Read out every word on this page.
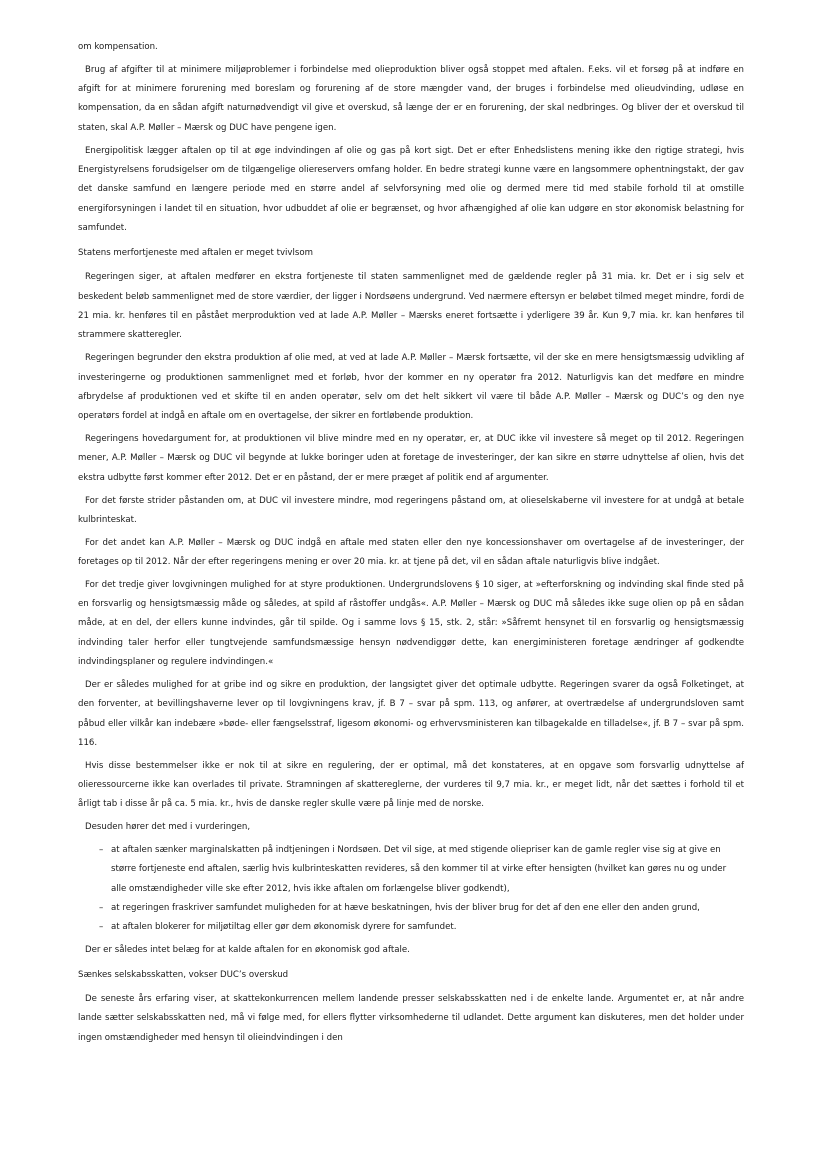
om kompensation.

Brug af afgifter til at minimere miljøproblemer i forbindelse med olieproduktion bliver også stoppet med aftalen. F.eks. vil et forsøg på at indføre en afgift for at minimere forurening med boreslam og forurening af de store mængder vand, der bruges i forbindelse med olieudvinding, udløse en kompensation, da en sådan afgift naturnødvendigt vil give et overskud, så længe der er en forurening, der skal nedbringes. Og bliver der et overskud til staten, skal A.P. Møller – Mærsk og DUC have pengene igen.

Energipolitisk lægger aftalen op til at øge indvindingen af olie og gas på kort sigt. Det er efter Enhedslistens mening ikke den rigtige strategi, hvis Energistyrelsens forudsigelser om de tilgængelige oliereservers omfang holder. En bedre strategi kunne være en langsommere ophentningstakt, der gav det danske samfund en længere periode med en større andel af selvforsyning med olie og dermed mere tid med stabile forhold til at omstille energiforsyningen i landet til en situation, hvor udbuddet af olie er begrænset, og hvor afhængighed af olie kan udgøre en stor økonomisk belastning for samfundet.

Statens merfortjeneste med aftalen er meget tvivlsom

Regeringen siger, at aftalen medfører en ekstra fortjeneste til staten sammenlignet med de gældende regler på 31 mia. kr. Det er i sig selv et beskedent beløb sammenlignet med de store værdier, der ligger i Nordsøens undergrund. Ved nærmere eftersyn er beløbet tilmed meget mindre, fordi de 21 mia. kr. henføres til en påstået merproduktion ved at lade A.P. Møller – Mærsks eneret fortsætte i yderligere 39 år. Kun 9,7 mia. kr. kan henføres til strammere skatteregler.

Regeringen begrunder den ekstra produktion af olie med, at ved at lade A.P. Møller – Mærsk fortsætte, vil der ske en mere hensigtsmæssig udvikling af investeringerne og produktionen sammenlignet med et forløb, hvor der kommer en ny operatør fra 2012. Naturligvis kan det medføre en mindre afbrydelse af produktionen ved et skifte til en anden operatør, selv om det helt sikkert vil være til både A.P. Møller – Mærsk og DUC’s og den nye operatørs fordel at indgå en aftale om en overtagelse, der sikrer en fortløbende produktion.

Regeringens hovedargument for, at produktionen vil blive mindre med en ny operatør, er, at DUC ikke vil investere så meget op til 2012. Regeringen mener, A.P. Møller – Mærsk og DUC vil begynde at lukke boringer uden at foretage de investeringer, der kan sikre en større udnyttelse af olien, hvis det ekstra udbytte først kommer efter 2012. Det er en påstand, der er mere præget af politik end af argumenter.

For det første strider påstanden om, at DUC vil investere mindre, mod regeringens påstand om, at olieselskaberne vil investere for at undgå at betale kulbrinteskat.

For det andet kan A.P. Møller – Mærsk og DUC indgå en aftale med staten eller den nye koncessionshaver om overtagelse af de investeringer, der foretages op til 2012. Når der efter regeringens mening er over 20 mia. kr. at tjene på det, vil en sådan aftale naturligvis blive indgået.

For det tredje giver lovgivningen mulighed for at styre produktionen. Undergrundslovens § 10 siger, at »efterforskning og indvinding skal finde sted på en forsvarlig og hensigtsmæssig måde og således, at spild af råstoffer undgås«. A.P. Møller – Mærsk og DUC må således ikke suge olien op på en sådan måde, at en del, der ellers kunne indvindes, går til spilde. Og i samme lovs § 15, stk. 2, står: »Såfremt hensynet til en forsvarlig og hensigtsmæssig indvinding taler herfor eller tungtvejende samfundsmæssige hensyn nødvendiggør dette, kan energiministeren foretage ændringer af godkendte indvindingsplaner og regulere indvindingen.«

Der er således mulighed for at gribe ind og sikre en produktion, der langsigtet giver det optimale udbytte. Regeringen svarer da også Folketinget, at den forventer, at bevillingshaverne lever op til lovgivningens krav, jf. B 7 – svar på spm. 113, og anfører, at overtrædelse af undergrundsloven samt påbud eller vilkår kan indebære »bøde- eller fængselsstraf, ligesom økonomi- og erhvervsministeren kan tilbagekalde en tilladelse«, jf. B 7 – svar på spm. 116.

Hvis disse bestemmelser ikke er nok til at sikre en regulering, der er optimal, må det konstateres, at en opgave som forsvarlig udnyttelse af olieressourcerne ikke kan overlades til private. Stramningen af skattereglerne, der vurderes til 9,7 mia. kr., er meget lidt, når det sættes i forhold til et årligt tab i disse år på ca. 5 mia. kr., hvis de danske regler skulle være på linje med de norske.

Desuden hører det med i vurderingen,

– at aftalen sænker marginalskatten på indtjeningen i Nordsøen. Det vil sige, at med stigende oliepriser kan de gamle regler vise sig at give en større fortjeneste end aftalen, særlig hvis kulbrinteskatten revideres, så den kommer til at virke efter hensigten (hvilket kan gøres nu og under alle omstændigheder ville ske efter 2012, hvis ikke aftalen om forlængelse bliver godkendt),
– at regeringen fraskriver samfundet muligheden for at hæve beskatningen, hvis der bliver brug for det af den ene eller den anden grund,
– at aftalen blokerer for miljøtiltag eller gør dem økonomisk dyrere for samfundet.

Der er således intet belæg for at kalde aftalen for en økonomisk god aftale.

Sænkes selskabsskatten, vokser DUC’s overskud

De seneste års erfaring viser, at skattekonkurrencen mellem landende presser selskabsskatten ned i de enkelte lande. Argumentet er, at når andre lande sætter selskabsskatten ned, må vi følge med, for ellers flytter virksomhederne til udlandet. Dette argument kan diskuteres, men det holder under ingen omstændigheder med hensyn til olieindvindingen i den
